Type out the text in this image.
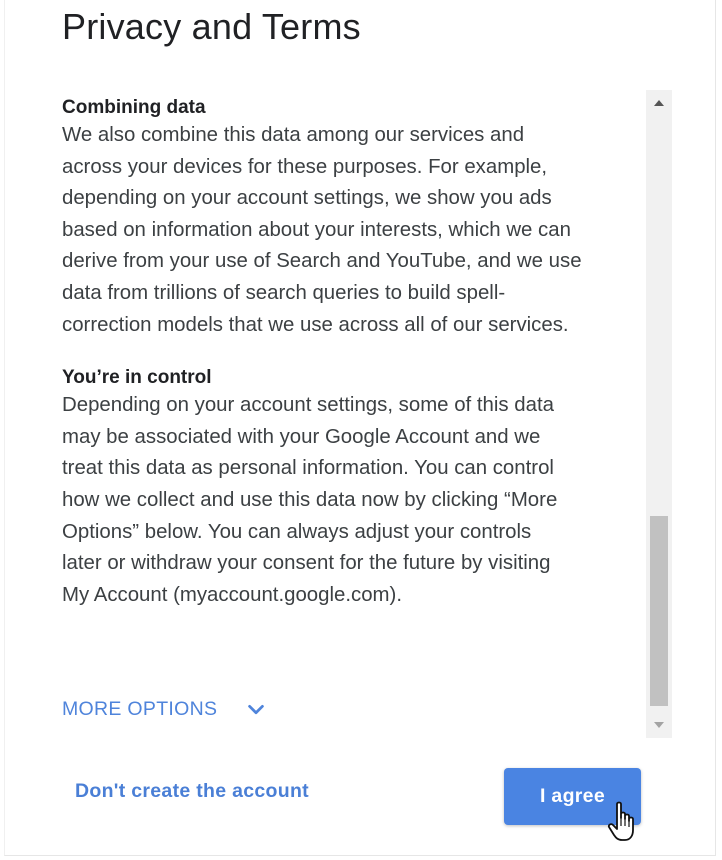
Privacy and Terms
Combining data

We also combine this data among our services and
across your devices for these purposes. For example,
depending on your account settings, we show you ads
based on information about your interests, which we can
derive from your use of Search and YouTube, and we use
data from trillions of search queries to build spell-
correction models that we use across all of our services.

You’re in control

Depending on your account settings, some of this data
may be associated with your Google Account and we
treat this data as personal information. You can control
how we collect and use this data now by clicking “More
Options” below. You can always adjust your controls
later or withdraw your consent for the future by visiting
My Account (myaccount.google.com).

MORE OPTIONS
Don't create the account	I agree
